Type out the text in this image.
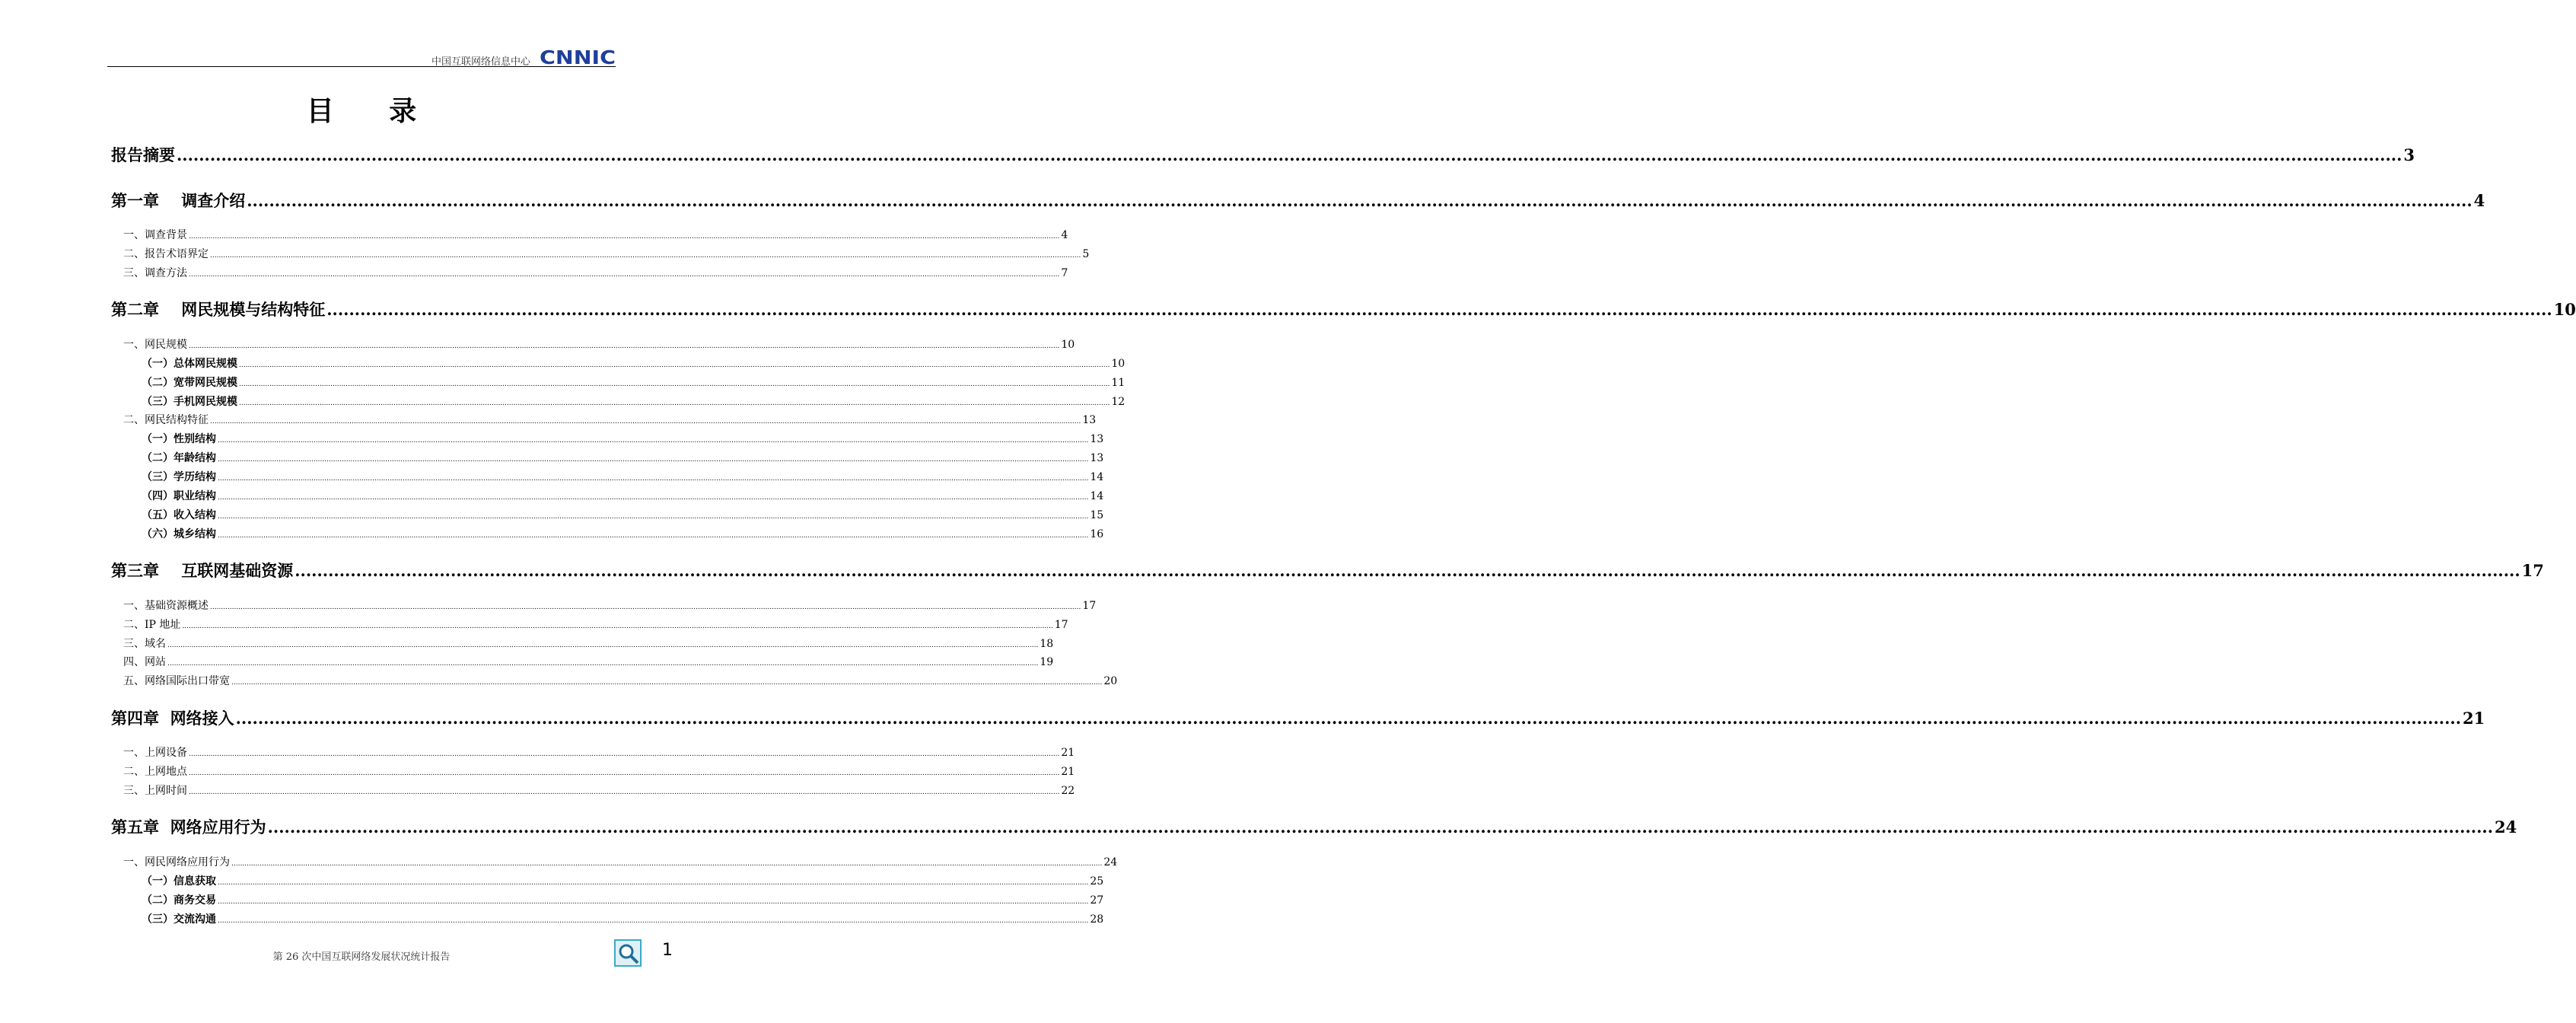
中国互联网络信息中心 CNNIC
目 录
报告摘要 ................................................................................................................................................................................................................................................................................................................................................................................................................ 3
第一章    调查介绍 ................................................................................................................................................................................................................................................................................................................................................................................................................ 4
一、调查背景 ................................................................................................................................................................................................................................................................................................................................................................................................................ 4
二、报告术语界定 ................................................................................................................................................................................................................................................................................................................................................................................................................ 5
三、调查方法 ................................................................................................................................................................................................................................................................................................................................................................................................................ 7
第二章    网民规模与结构特征 ................................................................................................................................................................................................................................................................................................................................................................................................................ 10
一、网民规模 ................................................................................................................................................................................................................................................................................................................................................................................................................ 10
（一）总体网民规模 ................................................................................................................................................................................................................................................................................................................................................................................................................ 10
（二）宽带网民规模 ................................................................................................................................................................................................................................................................................................................................................................................................................ 11
（三）手机网民规模 ................................................................................................................................................................................................................................................................................................................................................................................................................ 12
二、网民结构特征 ................................................................................................................................................................................................................................................................................................................................................................................................................ 13
（一）性别结构 ................................................................................................................................................................................................................................................................................................................................................................................................................ 13
（二）年龄结构 ................................................................................................................................................................................................................................................................................................................................................................................................................ 13
（三）学历结构 ................................................................................................................................................................................................................................................................................................................................................................................................................ 14
（四）职业结构 ................................................................................................................................................................................................................................................................................................................................................................................................................ 14
（五）收入结构 ................................................................................................................................................................................................................................................................................................................................................................................................................ 15
（六）城乡结构 ................................................................................................................................................................................................................................................................................................................................................................................................................ 16
第三章    互联网基础资源 ................................................................................................................................................................................................................................................................................................................................................................................................................ 17
一、基础资源概述 ................................................................................................................................................................................................................................................................................................................................................................................................................ 17
二、IP 地址 ................................................................................................................................................................................................................................................................................................................................................................................................................ 17
三、域名 ................................................................................................................................................................................................................................................................................................................................................................................................................ 18
四、网站 ................................................................................................................................................................................................................................................................................................................................................................................................................ 19
五、网络国际出口带宽 ................................................................................................................................................................................................................................................................................................................................................................................................................ 20
第四章  网络接入 ................................................................................................................................................................................................................................................................................................................................................................................................................ 21
一、上网设备 ................................................................................................................................................................................................................................................................................................................................................................................................................ 21
二、上网地点 ................................................................................................................................................................................................................................................................................................................................................................................................................ 21
三、上网时间 ................................................................................................................................................................................................................................................................................................................................................................................................................ 22
第五章  网络应用行为 ................................................................................................................................................................................................................................................................................................................................................................................................................ 24
一、网民网络应用行为 ................................................................................................................................................................................................................................................................................................................................................................................................................ 24
（一）信息获取 ................................................................................................................................................................................................................................................................................................................................................................................................................ 25
（二）商务交易 ................................................................................................................................................................................................................................................................................................................................................................................................................ 27
（三）交流沟通 ................................................................................................................................................................................................................................................................................................................................................................................................................ 28
第 26 次中国互联网络发展状况统计报告	1
